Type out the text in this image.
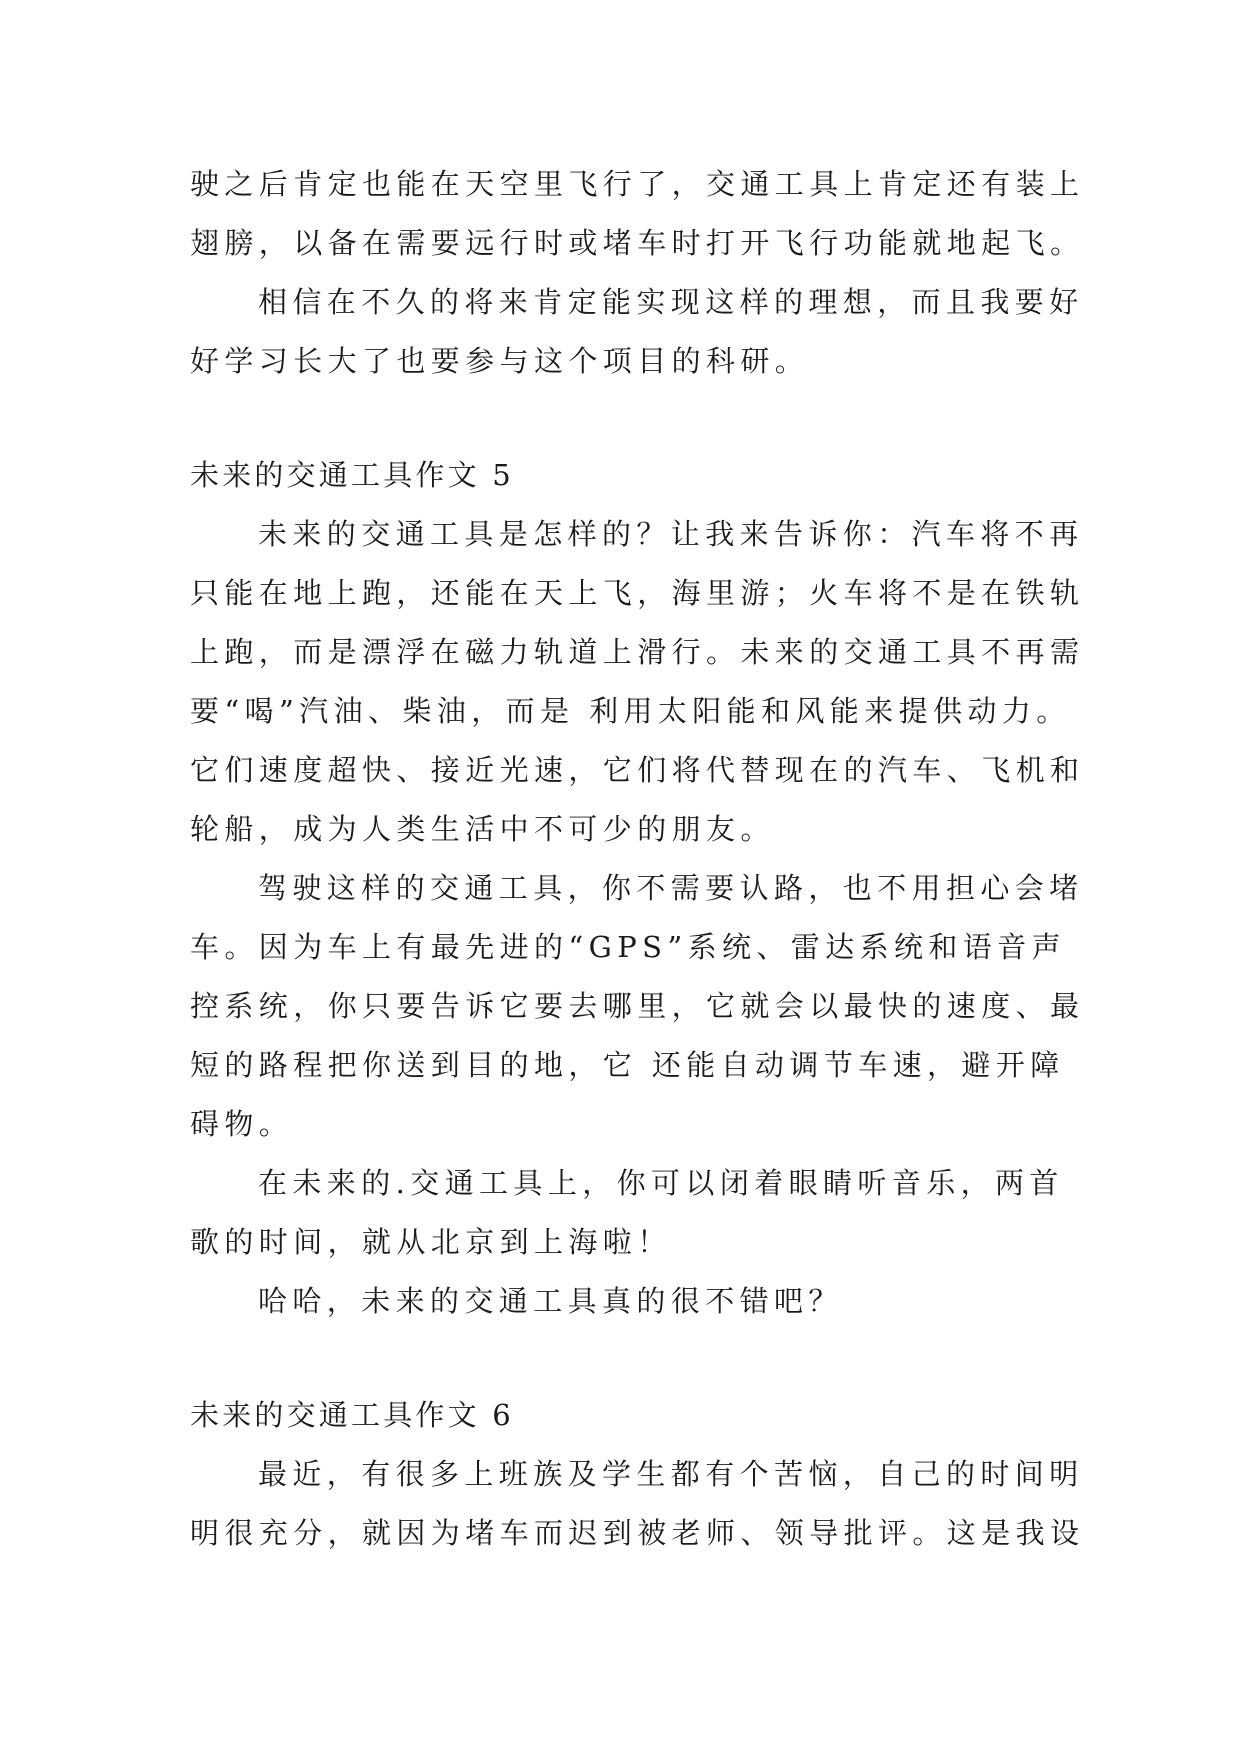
驶之后肯定也能在天空里飞行了，交通工具上肯定还有装上
翅膀，以备在需要远行时或堵车时打开飞行功能就地起飞。
相信在不久的将来肯定能实现这样的理想，而且我要好
好学习长大了也要参与这个项目的科研。
未来的交通工具作文 5
未来的交通工具是怎样的？让我来告诉你：汽车将不再
只能在地上跑，还能在天上飞，海里游；火车将不是在铁轨
上跑，而是漂浮在磁力轨道上滑行。未来的交通工具不再需
要“喝”汽油、柴油，而是 利用太阳能和风能来提供动力。
它们速度超快、接近光速，它们将代替现在的汽车、飞机和
轮船，成为人类生活中不可少的朋友。
驾驶这样的交通工具，你不需要认路，也不用担心会堵
车。因为车上有最先进的“GPS”系统、雷达系统和语音声
控系统，你只要告诉它要去哪里，它就会以最快的速度、最
短的路程把你送到目的地，它 还能自动调节车速，避开障
碍物。
在未来的.交通工具上，你可以闭着眼睛听音乐，两首
歌的时间，就从北京到上海啦！
哈哈，未来的交通工具真的很不错吧？
未来的交通工具作文 6
最近，有很多上班族及学生都有个苦恼，自己的时间明
明很充分，就因为堵车而迟到被老师、领导批评。这是我设
